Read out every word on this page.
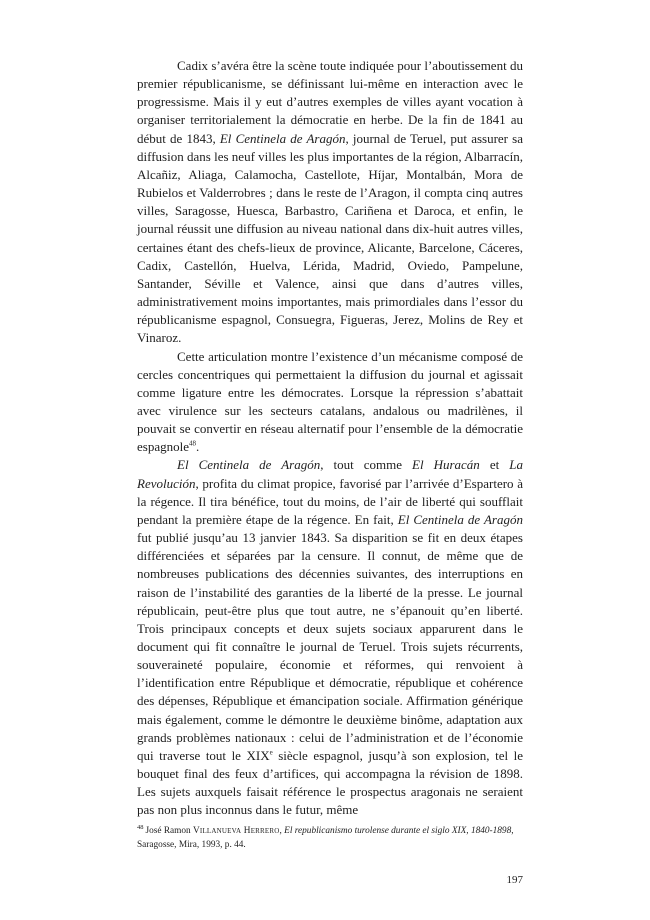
Cadix s’avéra être la scène toute indiquée pour l’aboutissement du premier républicanisme, se définissant lui-même en interaction avec le progressisme. Mais il y eut d’autres exemples de villes ayant vocation à organiser territorialement la démocratie en herbe. De la fin de 1841 au début de 1843, El Centinela de Aragón, journal de Teruel, put assurer sa diffusion dans les neuf villes les plus importantes de la région, Albarracín, Alcañiz, Aliaga, Calamocha, Castellote, Híjar, Montalbán, Mora de Rubielos et Valderrobres ; dans le reste de l’Aragon, il compta cinq autres villes, Saragosse, Huesca, Barbastro, Cariñena et Daroca, et enfin, le journal réussit une diffusion au niveau national dans dix-huit autres villes, certaines étant des chefs-lieux de province, Alicante, Barcelone, Cáceres, Cadix, Castellón, Huelva, Lérida, Madrid, Oviedo, Pampelune, Santander, Séville et Valence, ainsi que dans d’autres villes, administrativement moins importantes, mais primordiales dans l’essor du républicanisme espagnol, Consuegra, Figueras, Jerez, Molins de Rey et Vinaroz.

Cette articulation montre l’existence d’un mécanisme composé de cercles concentriques qui permettaient la diffusion du journal et agissait comme ligature entre les démocrates. Lorsque la répression s’abattait avec virulence sur les secteurs catalans, andalous ou madrilènes, il pouvait se convertir en réseau alternatif pour l’ensemble de la démocratie espagnole$^{48}$.

El Centinela de Aragón, tout comme El Huracán et La Revolución, profita du climat propice, favorisé par l’arrivée d’Espartero à la régence. Il tira bénéfice, tout du moins, de l’air de liberté qui soufflait pendant la première étape de la régence. En fait, El Centinela de Aragón fut publié jusqu’au 13 janvier 1843. Sa disparition se fit en deux étapes différenciées et séparées par la censure. Il connut, de même que de nombreuses publications des décennies suivantes, des interruptions en raison de l’instabilité des garanties de la liberté de la presse. Le journal républicain, peut-être plus que tout autre, ne s’épanouit qu’en liberté. Trois principaux concepts et deux sujets sociaux apparurent dans le document qui fit connaître le journal de Teruel. Trois sujets récurrents, souveraineté populaire, économie et réformes, qui renvoient à l’identification entre République et démocratie, république et cohérence des dépenses, République et émancipation sociale. Affirmation générique mais également, comme le démontre le deuxième binôme, adaptation aux grands problèmes nationaux : celui de l’administration et de l’économie qui traverse tout le XIXe siècle espagnol, jusqu’à son explosion, tel le bouquet final des feux d’artifices, qui accompagna la révision de 1898. Les sujets auxquels faisait référence le prospectus aragonais ne seraient pas non plus inconnus dans le futur, même

$^{48}$ José Ramon Villanueva Herrero, El republicanismo turolense durante el siglo XIX, 1840-1898, Saragosse, Mira, 1993, p. 44.
197
